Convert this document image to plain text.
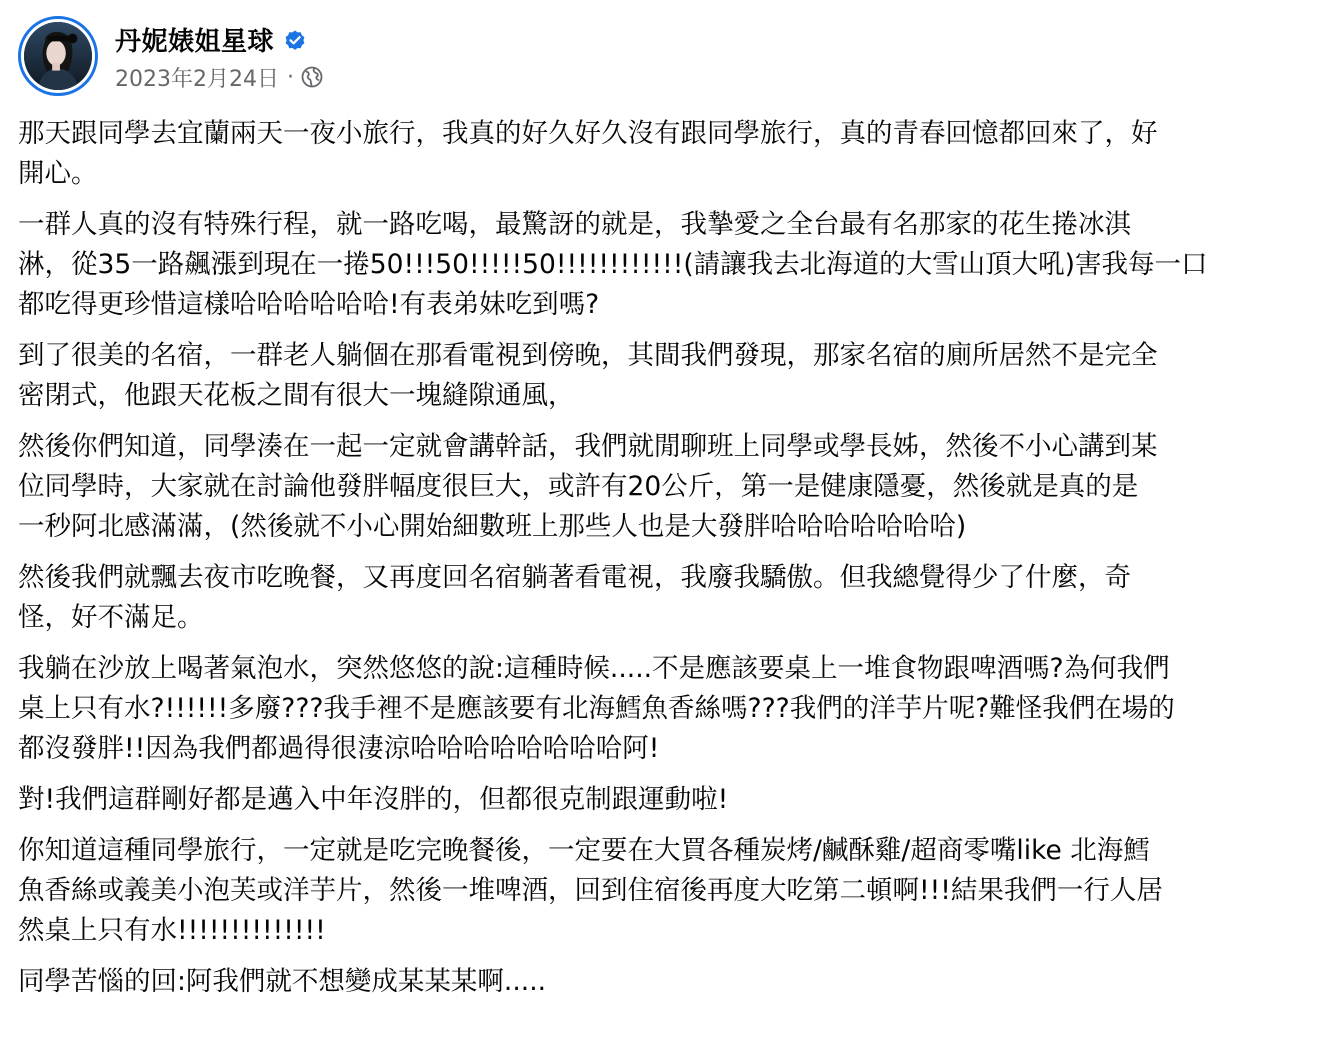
丹妮婊姐星球
2023年2月24日 ·

那天跟同學去宜蘭兩天一夜小旅行，我真的好久好久沒有跟同學旅行，真的青春回憶都回來了，好
開心。

一群人真的沒有特殊行程，就一路吃喝，最驚訝的就是，我摯愛之全台最有名那家的花生捲冰淇
淋，從35一路飆漲到現在一捲50!!!50!!!!!50!!!!!!!!!!!!(請讓我去北海道的大雪山頂大吼)害我每一口
都吃得更珍惜這樣哈哈哈哈哈哈!有表弟妹吃到嗎?

到了很美的名宿，一群老人躺個在那看電視到傍晚，其間我們發現，那家名宿的廁所居然不是完全
密閉式，他跟天花板之間有很大一塊縫隙通風，

然後你們知道，同學湊在一起一定就會講幹話，我們就閒聊班上同學或學長姊，然後不小心講到某
位同學時，大家就在討論他發胖幅度很巨大，或許有20公斤，第一是健康隱憂，然後就是真的是
一秒阿北感滿滿，(然後就不小心開始細數班上那些人也是大發胖哈哈哈哈哈哈哈)

然後我們就飄去夜市吃晚餐，又再度回名宿躺著看電視，我廢我驕傲。但我總覺得少了什麼，奇
怪，好不滿足。

我躺在沙放上喝著氣泡水，突然悠悠的說:這種時候.....不是應該要桌上一堆食物跟啤酒嗎?為何我們
桌上只有水?!!!!!!多廢???我手裡不是應該要有北海鱈魚香絲嗎???我們的洋芋片呢?難怪我們在場的
都沒發胖!!因為我們都過得很淒涼哈哈哈哈哈哈哈哈阿!

對!我們這群剛好都是邁入中年沒胖的，但都很克制跟運動啦!

你知道這種同學旅行，一定就是吃完晚餐後，一定要在大買各種炭烤/鹹酥雞/超商零嘴like 北海鱈
魚香絲或義美小泡芙或洋芋片，然後一堆啤酒，回到住宿後再度大吃第二頓啊!!!結果我們一行人居
然桌上只有水!!!!!!!!!!!!!!

同學苦惱的回:阿我們就不想變成某某某啊.....
